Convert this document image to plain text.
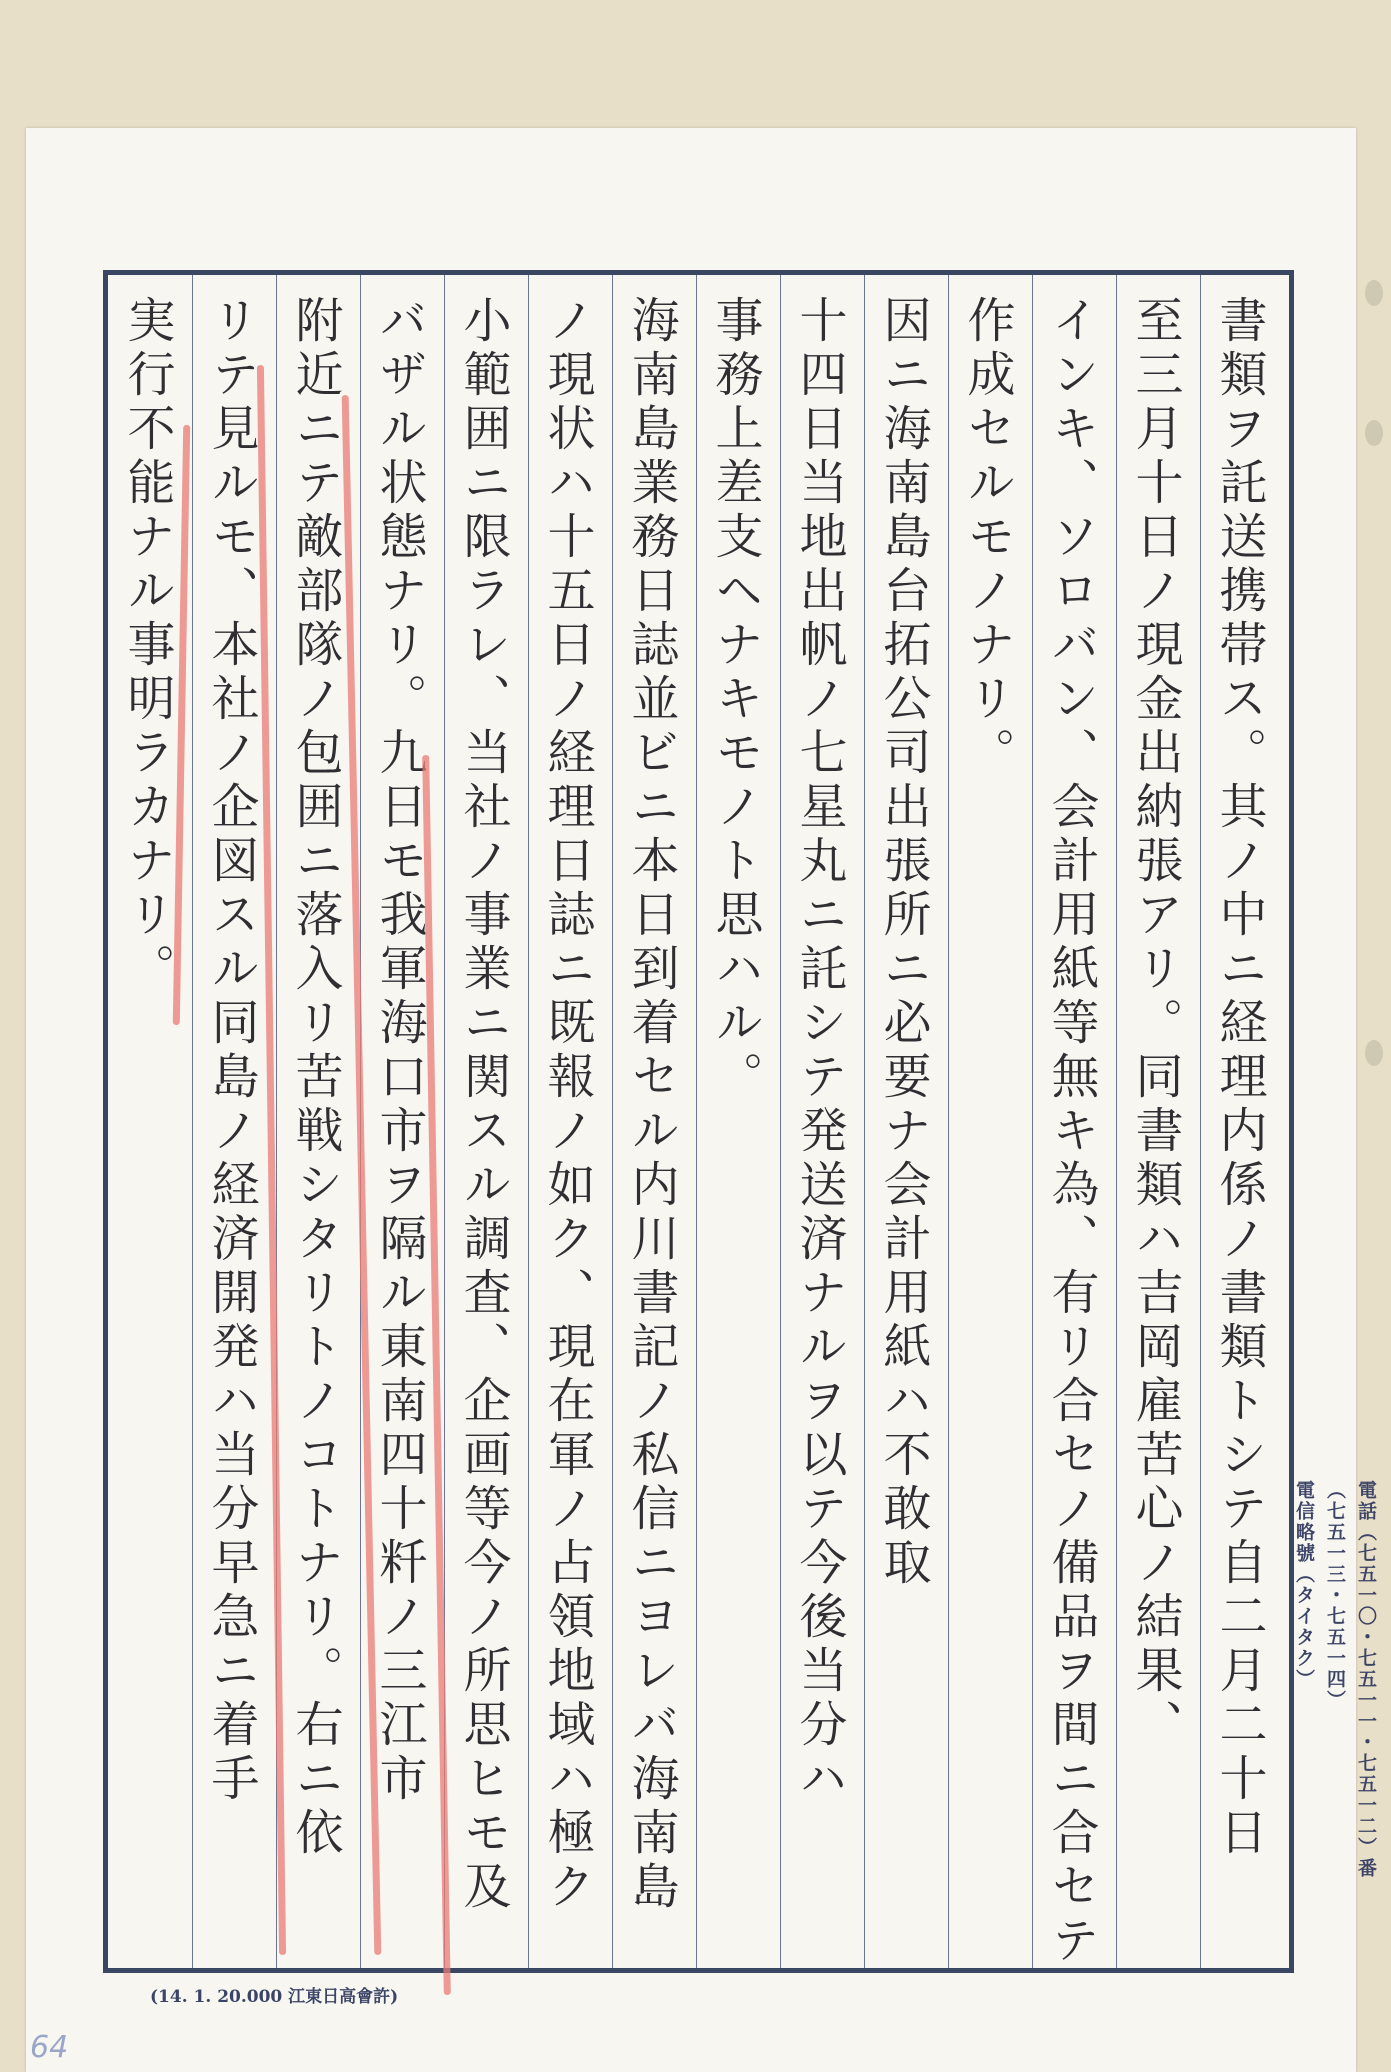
書類ヲ託送携帯ス。其ノ中ニ経理内係ノ書類トシテ自二月二十日
至三月十日ノ現金出納張アリ。同書類ハ吉岡雇苦心ノ結果、
インキ、ソロバン、会計用紙等無キ為、有リ合セノ備品ヲ間ニ合セテ
作成セルモノナリ。
因ニ海南島台拓公司出張所ニ必要ナ会計用紙ハ不敢取
十四日当地出帆ノ七星丸ニ託シテ発送済ナルヲ以テ今後当分ハ
事務上差支ヘナキモノト思ハル。
海南島業務日誌並ビニ本日到着セル内川書記ノ私信ニヨレバ海南島
ノ現状ハ十五日ノ経理日誌ニ既報ノ如ク、現在軍ノ占領地域ハ極ク
小範囲ニ限ラレ、当社ノ事業ニ関スル調査、企画等今ノ所思ヒモ及
バザル状態ナリ。九日モ我軍海口市ヲ隔ル東南四十粁ノ三江市
附近ニテ敵部隊ノ包囲ニ落入リ苦戦シタリトノコトナリ。右ニ依
リテ見ルモ、本社ノ企図スル同島ノ経済開発ハ当分早急ニ着手
実行不能ナル事明ラカナリ。
電話（七五一〇・七五一一・七五一二）番
（七五一三・七五一四）
電信略號（タイタク）
(14. 1. 20.000 江東日高會許)
64
